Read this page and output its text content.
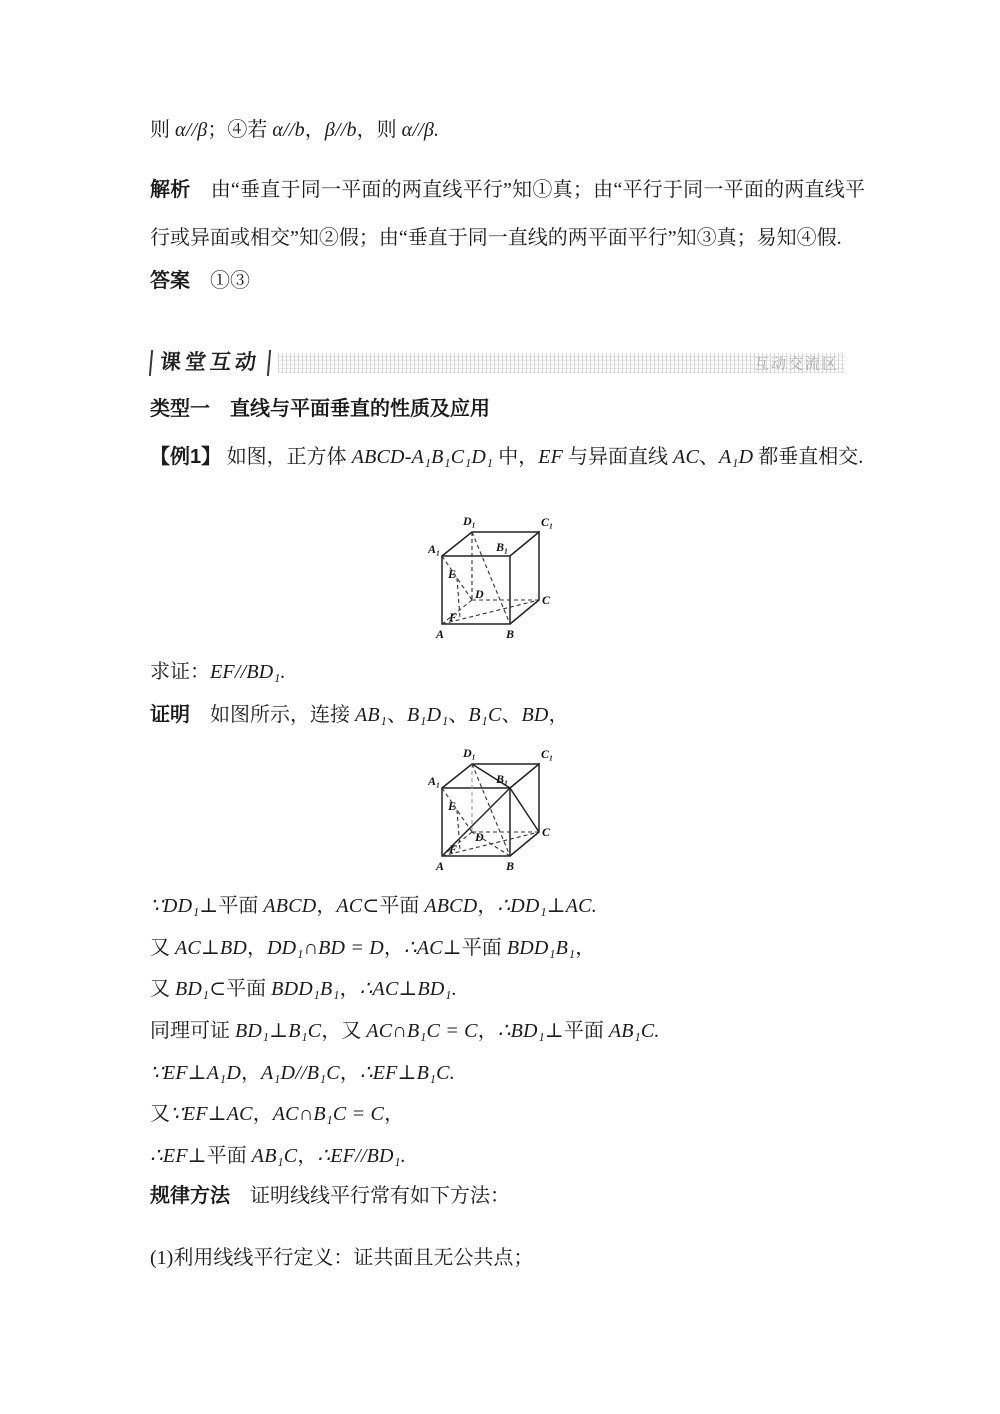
则 α//β；④若 α//b，β//b，则 α//β.
解析　由“垂直于同一平面的两直线平行”知①真；由“平行于同一平面的两直线平行或异面或相交”知②假；由“垂直于同一直线的两平面平行”知③真；易知④假.
答案　①③
课堂互动	互动交流区
类型一　直线与平面垂直的性质及应用
【例1】 如图，正方体 ABCD-A₁B₁C₁D₁ 中，EF 与异面直线 AC、A₁D 都垂直相交.
A₁
D₁
B₁
C₁
E
D	C
F
A	B
求证：EF//BD₁.
证明　如图所示，连接 AB₁、B₁D₁、B₁C、BD，
A₁
D₁
B₁
C₁
E
D	C
F
A	B
∵DD₁⊥平面 ABCD，AC⊂平面 ABCD，∴DD₁⊥AC.
又 AC⊥BD，DD₁∩BD = D，∴AC⊥平面 BDD₁B₁，
又 BD₁⊂平面 BDD₁B₁，∴AC⊥BD₁.
同理可证 BD₁⊥B₁C，又 AC∩B₁C = C，∴BD₁⊥平面 AB₁C.
∵EF⊥A₁D，A₁D//B₁C，∴EF⊥B₁C.
又∵EF⊥AC，AC∩B₁C = C，
∴EF⊥平面 AB₁C，∴EF//BD₁.
规律方法　证明线线平行常有如下方法：
(1)利用线线平行定义：证共面且无公共点；
